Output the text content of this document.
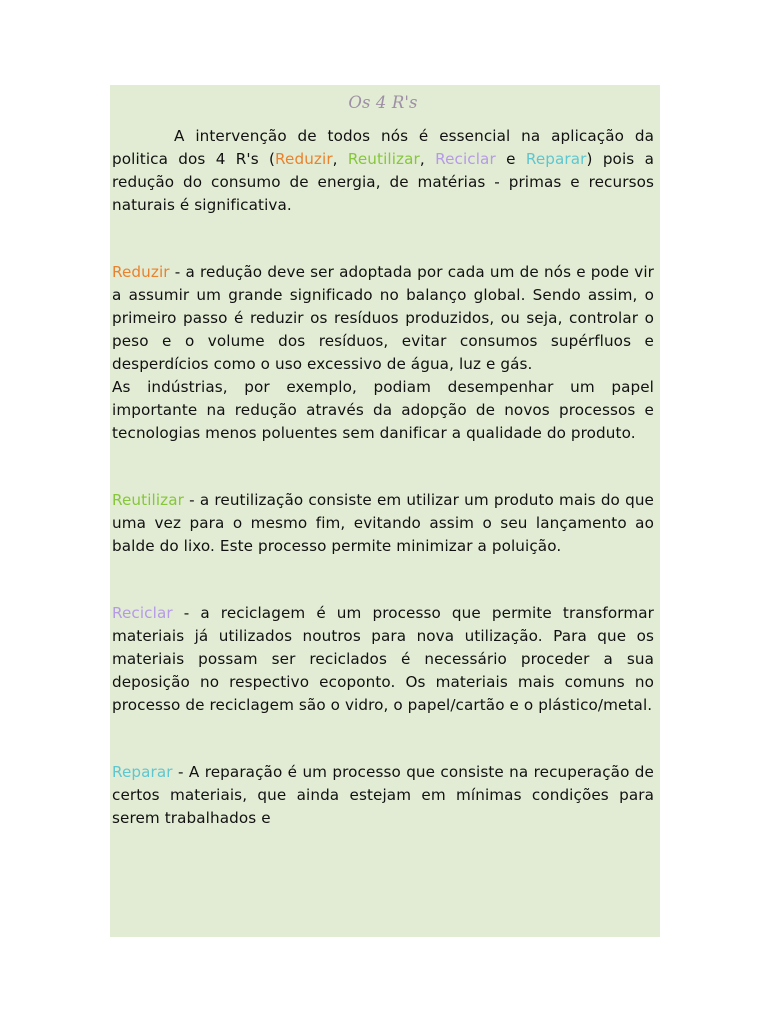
Os 4 R's

A intervenção de todos nós é essencial na aplicação da politica dos 4 R's (Reduzir, Reutilizar, Reciclar e Reparar) pois a redução do consumo de energia, de matérias - primas e recursos naturais é significativa.

Reduzir - a redução deve ser adoptada por cada um de nós e pode vir a assumir um grande significado no balanço global. Sendo assim, o primeiro passo é reduzir os resíduos produzidos, ou seja, controlar o peso e o volume dos resíduos, evitar consumos supérfluos e desperdícios como o uso excessivo de água, luz e gás.

As indústrias, por exemplo, podiam desempenhar um papel importante na redução através da adopção de novos processos e tecnologias menos poluentes sem danificar a qualidade do produto.

Reutilizar - a reutilização consiste em utilizar um produto mais do que uma vez para o mesmo fim, evitando assim o seu lançamento ao balde do lixo. Este processo permite minimizar a poluição.

Reciclar - a reciclagem é um processo que permite transformar materiais já utilizados noutros para nova utilização. Para que os materiais possam ser reciclados é necessário proceder a sua deposição no respectivo ecoponto. Os materiais mais comuns no processo de reciclagem são o vidro, o papel/cartão e o plástico/metal.

Reparar - A reparação é um processo que consiste na recuperação de certos materiais, que ainda estejam em mínimas condições para serem trabalhados e
